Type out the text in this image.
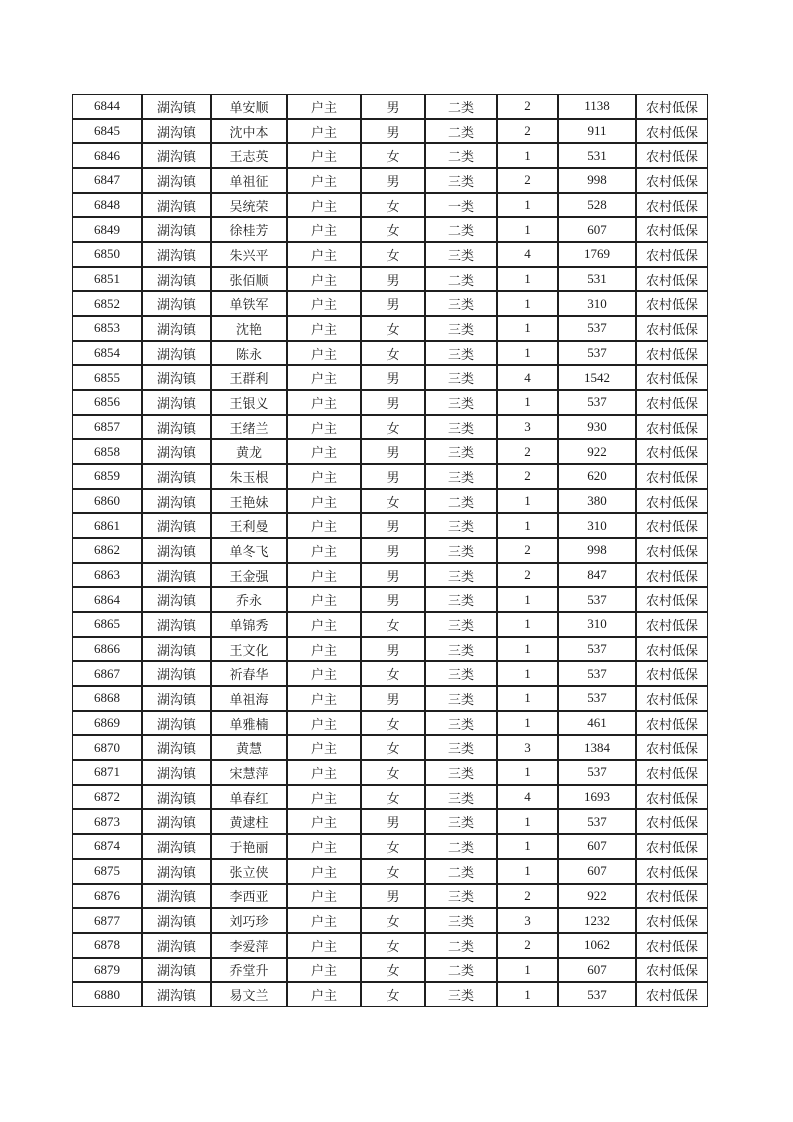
6844	湖沟镇	单安顺	户主	男	二类	2	1138	农村低保
6845	湖沟镇	沈中本	户主	男	二类	2	911	农村低保
6846	湖沟镇	王志英	户主	女	二类	1	531	农村低保
6847	湖沟镇	单祖征	户主	男	三类	2	998	农村低保
6848	湖沟镇	吴统荣	户主	女	一类	1	528	农村低保
6849	湖沟镇	徐桂芳	户主	女	二类	1	607	农村低保
6850	湖沟镇	朱兴平	户主	女	三类	4	1769	农村低保
6851	湖沟镇	张佰顺	户主	男	二类	1	531	农村低保
6852	湖沟镇	单铁军	户主	男	三类	1	310	农村低保
6853	湖沟镇	沈艳	户主	女	三类	1	537	农村低保
6854	湖沟镇	陈永	户主	女	三类	1	537	农村低保
6855	湖沟镇	王群利	户主	男	三类	4	1542	农村低保
6856	湖沟镇	王银义	户主	男	三类	1	537	农村低保
6857	湖沟镇	王绪兰	户主	女	三类	3	930	农村低保
6858	湖沟镇	黄龙	户主	男	三类	2	922	农村低保
6859	湖沟镇	朱玉根	户主	男	三类	2	620	农村低保
6860	湖沟镇	王艳妹	户主	女	二类	1	380	农村低保
6861	湖沟镇	王利曼	户主	男	三类	1	310	农村低保
6862	湖沟镇	单冬飞	户主	男	三类	2	998	农村低保
6863	湖沟镇	王金强	户主	男	三类	2	847	农村低保
6864	湖沟镇	乔永	户主	男	三类	1	537	农村低保
6865	湖沟镇	单锦秀	户主	女	三类	1	310	农村低保
6866	湖沟镇	王文化	户主	男	三类	1	537	农村低保
6867	湖沟镇	祈春华	户主	女	三类	1	537	农村低保
6868	湖沟镇	单祖海	户主	男	三类	1	537	农村低保
6869	湖沟镇	单雅楠	户主	女	三类	1	461	农村低保
6870	湖沟镇	黄慧	户主	女	三类	3	1384	农村低保
6871	湖沟镇	宋慧萍	户主	女	三类	1	537	农村低保
6872	湖沟镇	单春红	户主	女	三类	4	1693	农村低保
6873	湖沟镇	黄逮柱	户主	男	三类	1	537	农村低保
6874	湖沟镇	于艳丽	户主	女	二类	1	607	农村低保
6875	湖沟镇	张立侠	户主	女	二类	1	607	农村低保
6876	湖沟镇	李西亚	户主	男	三类	2	922	农村低保
6877	湖沟镇	刘巧珍	户主	女	三类	3	1232	农村低保
6878	湖沟镇	李爱萍	户主	女	二类	2	1062	农村低保
6879	湖沟镇	乔堂升	户主	女	二类	1	607	农村低保
6880	湖沟镇	易文兰	户主	女	三类	1	537	农村低保
